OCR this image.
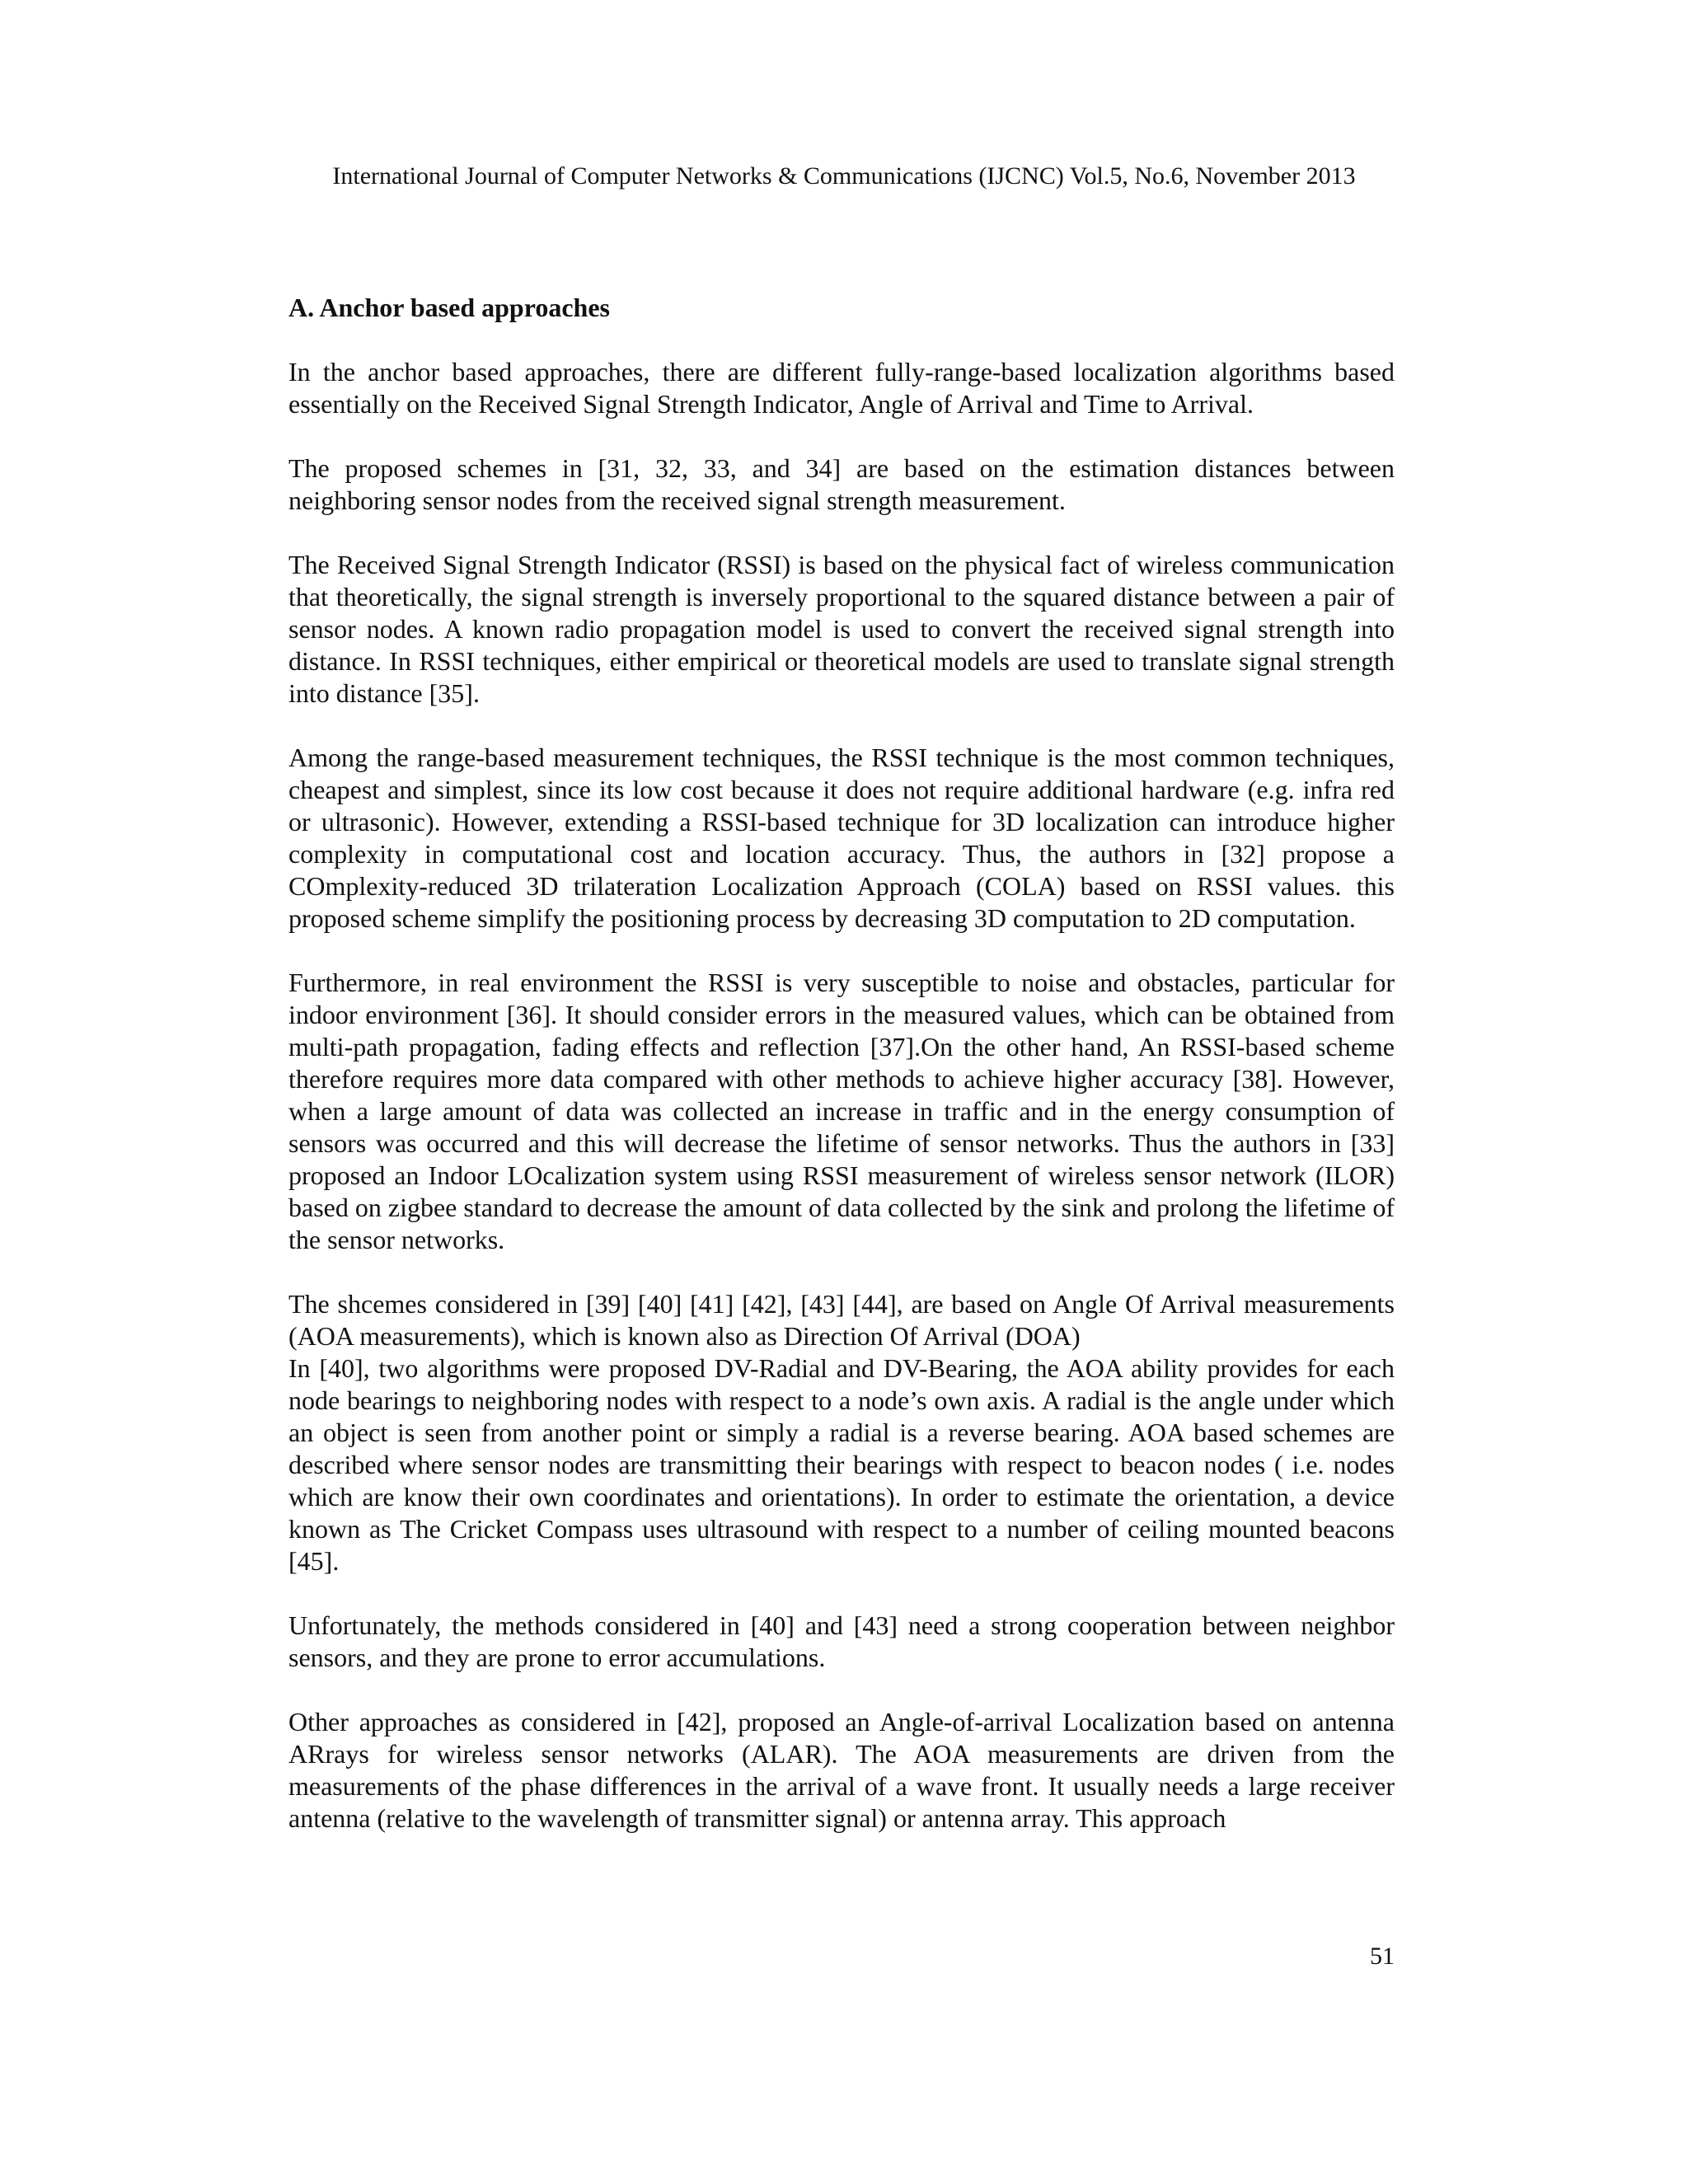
International Journal of Computer Networks & Communications (IJCNC) Vol.5, No.6, November 2013
A. Anchor based approaches

In the anchor based approaches, there are different fully-range-based localization algorithms based essentially on the Received Signal Strength Indicator, Angle of Arrival and Time to Arrival.

The proposed schemes in [31, 32, 33, and 34] are based on the estimation distances between neighboring sensor nodes from the received signal strength measurement.

The Received Signal Strength Indicator (RSSI) is based on the physical fact of wireless communication that theoretically, the signal strength is inversely proportional to the squared distance between a pair of sensor nodes. A known radio propagation model is used to convert the received signal strength into distance. In RSSI techniques, either empirical or theoretical models are used to translate signal strength into distance [35].

Among the range-based measurement techniques, the RSSI technique is the most common techniques, cheapest and simplest, since its low cost because it does not require additional hardware (e.g. infra red or ultrasonic). However, extending a RSSI-based technique for 3D localization can introduce higher complexity in computational cost and location accuracy. Thus, the authors in [32] propose a COmplexity-reduced 3D trilateration Localization Approach (COLA) based on RSSI values. this proposed scheme simplify the positioning process by decreasing 3D computation to 2D computation.

Furthermore, in real environment the RSSI is very susceptible to noise and obstacles, particular for indoor environment [36]. It should consider errors in the measured values, which can be obtained from multi-path propagation, fading effects and reflection [37].On the other hand, An RSSI-based scheme therefore requires more data compared with other methods to achieve higher accuracy [38]. However, when a large amount of data was collected an increase in traffic and in the energy consumption of sensors was occurred and this will decrease the lifetime of sensor networks. Thus the authors in [33] proposed an Indoor LOcalization system using RSSI measurement of wireless sensor network (ILOR) based on zigbee standard to decrease the amount of data collected by the sink and prolong the lifetime of the sensor networks.

The shcemes considered in [39] [40] [41] [42], [43] [44], are based on Angle Of Arrival measurements (AOA measurements), which is known also as Direction Of Arrival (DOA)

In [40], two algorithms were proposed DV-Radial and DV-Bearing, the AOA ability provides for each node bearings to neighboring nodes with respect to a node’s own axis. A radial is the angle under which an object is seen from another point or simply a radial is a reverse bearing. AOA based schemes are described where sensor nodes are transmitting their bearings with respect to beacon nodes ( i.e. nodes which are know their own coordinates and orientations). In order to estimate the orientation, a device known as The Cricket Compass uses ultrasound with respect to a number of ceiling mounted beacons [45].

Unfortunately, the methods considered in [40] and [43] need a strong cooperation between neighbor sensors, and they are prone to error accumulations.

Other approaches as considered in [42], proposed an Angle-of-arrival Localization based on antenna ARrays for wireless sensor networks (ALAR). The AOA measurements are driven from the measurements of the phase differences in the arrival of a wave front. It usually needs a large receiver antenna (relative to the wavelength of transmitter signal) or antenna array. This approach

51
